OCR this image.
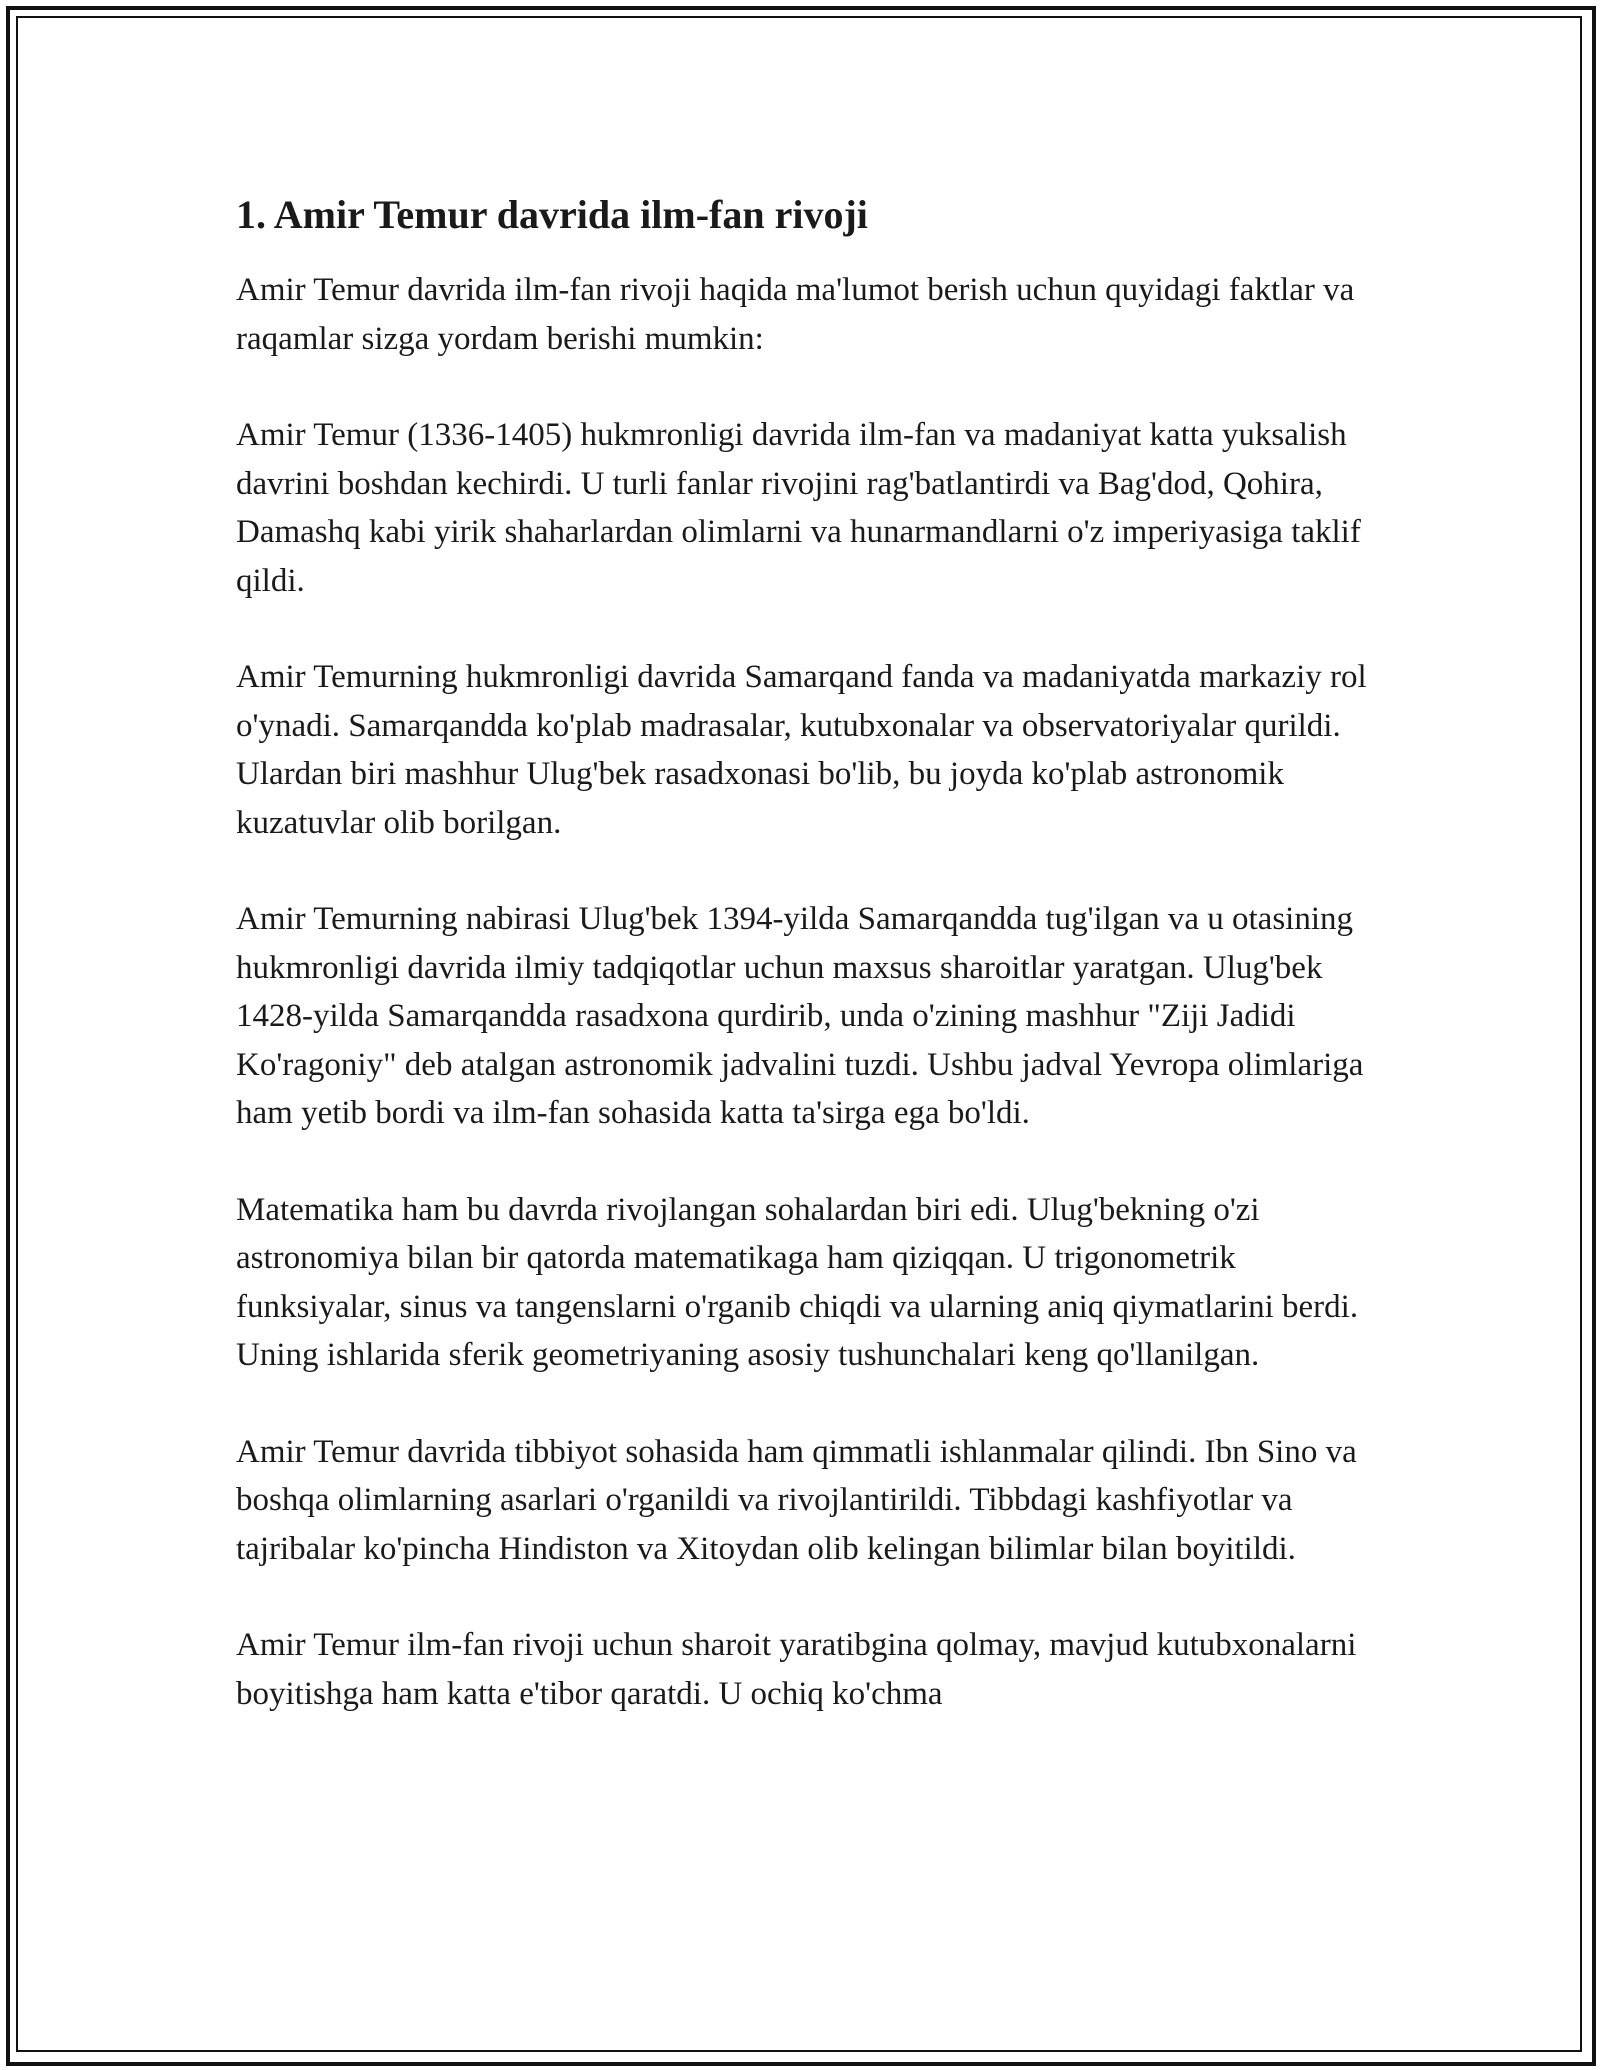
1. Amir Temur davrida ilm-fan rivoji

Amir Temur davrida ilm-fan rivoji haqida ma'lumot berish uchun quyidagi faktlar va raqamlar sizga yordam berishi mumkin:

Amir Temur (1336-1405) hukmronligi davrida ilm-fan va madaniyat katta yuksalish davrini boshdan kechirdi. U turli fanlar rivojini rag'batlantirdi va Bag'dod, Qohira, Damashq kabi yirik shaharlardan olimlarni va hunarmandlarni o'z imperiyasiga taklif qildi.

Amir Temurning hukmronligi davrida Samarqand fanda va madaniyatda markaziy rol o'ynadi. Samarqandda ko'plab madrasalar, kutubxonalar va observatoriyalar qurildi. Ulardan biri mashhur Ulug'bek rasadxonasi bo'lib, bu joyda ko'plab astronomik kuzatuvlar olib borilgan.

Amir Temurning nabirasi Ulug'bek 1394-yilda Samarqandda tug'ilgan va u otasining hukmronligi davrida ilmiy tadqiqotlar uchun maxsus sharoitlar yaratgan. Ulug'bek 1428-yilda Samarqandda rasadxona qurdirib, unda o'zining mashhur "Ziji Jadidi Ko'ragoniy" deb atalgan astronomik jadvalini tuzdi. Ushbu jadval Yevropa olimlariga ham yetib bordi va ilm-fan sohasida katta ta'sirga ega bo'ldi.

Matematika ham bu davrda rivojlangan sohalardan biri edi. Ulug'bekning o'zi astronomiya bilan bir qatorda matematikaga ham qiziqqan. U trigonometrik funksiyalar, sinus va tangenslarni o'rganib chiqdi va ularning aniq qiymatlarini berdi. Uning ishlarida sferik geometriyaning asosiy tushunchalari keng qo'llanilgan.

Amir Temur davrida tibbiyot sohasida ham qimmatli ishlanmalar qilindi. Ibn Sino va boshqa olimlarning asarlari o'rganildi va rivojlantirildi. Tibbdagi kashfiyotlar va tajribalar ko'pincha Hindiston va Xitoydan olib kelingan bilimlar bilan boyitildi.

Amir Temur ilm-fan rivoji uchun sharoit yaratibgina qolmay, mavjud kutubxonalarni boyitishga ham katta e'tibor qaratdi. U ochiq ko'chma
